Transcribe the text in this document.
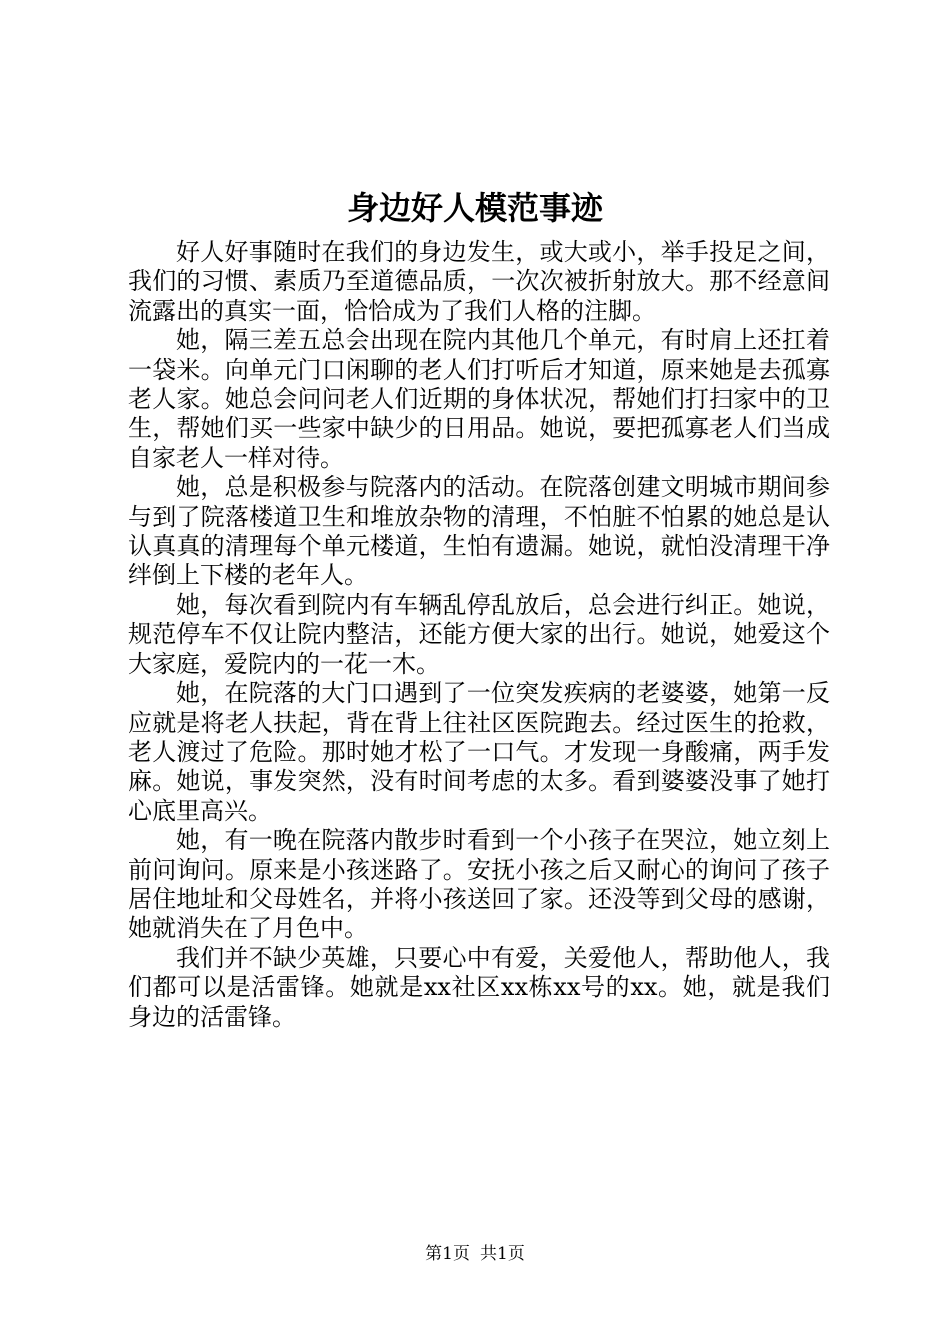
身边好人模范事迹

好人好事随时在我们的身边发生，或大或小，举手投足之间，我们的习惯、素质乃至道德品质，一次次被折射放大。那不经意间流露出的真实一面，恰恰成为了我们人格的注脚。

她，隔三差五总会出现在院内其他几个单元，有时肩上还扛着一袋米。向单元门口闲聊的老人们打听后才知道，原来她是去孤寡老人家。她总会问问老人们近期的身体状况，帮她们打扫家中的卫生，帮她们买一些家中缺少的日用品。她说，要把孤寡老人们当成自家老人一样对待。

她，总是积极参与院落内的活动。在院落创建文明城市期间参与到了院落楼道卫生和堆放杂物的清理，不怕脏不怕累的她总是认认真真的清理每个单元楼道，生怕有遗漏。她说，就怕没清理干净绊倒上下楼的老年人。

她，每次看到院内有车辆乱停乱放后，总会进行纠正。她说，规范停车不仅让院内整洁，还能方便大家的出行。她说，她爱这个大家庭，爱院内的一花一木。

她，在院落的大门口遇到了一位突发疾病的老婆婆，她第一反应就是将老人扶起，背在背上往社区医院跑去。经过医生的抢救，老人渡过了危险。那时她才松了一口气。才发现一身酸痛，两手发麻。她说，事发突然，没有时间考虑的太多。看到婆婆没事了她打心底里高兴。

她，有一晚在院落内散步时看到一个小孩子在哭泣，她立刻上前问询问。原来是小孩迷路了。安抚小孩之后又耐心的询问了孩子居住地址和父母姓名，并将小孩送回了家。还没等到父母的感谢，她就消失在了月色中。

我们并不缺少英雄，只要心中有爱，关爱他人，帮助他人，我们都可以是活雷锋。她就是xx社区xx栋xx号的xx。她，就是我们身边的活雷锋。

第1页 共1页
